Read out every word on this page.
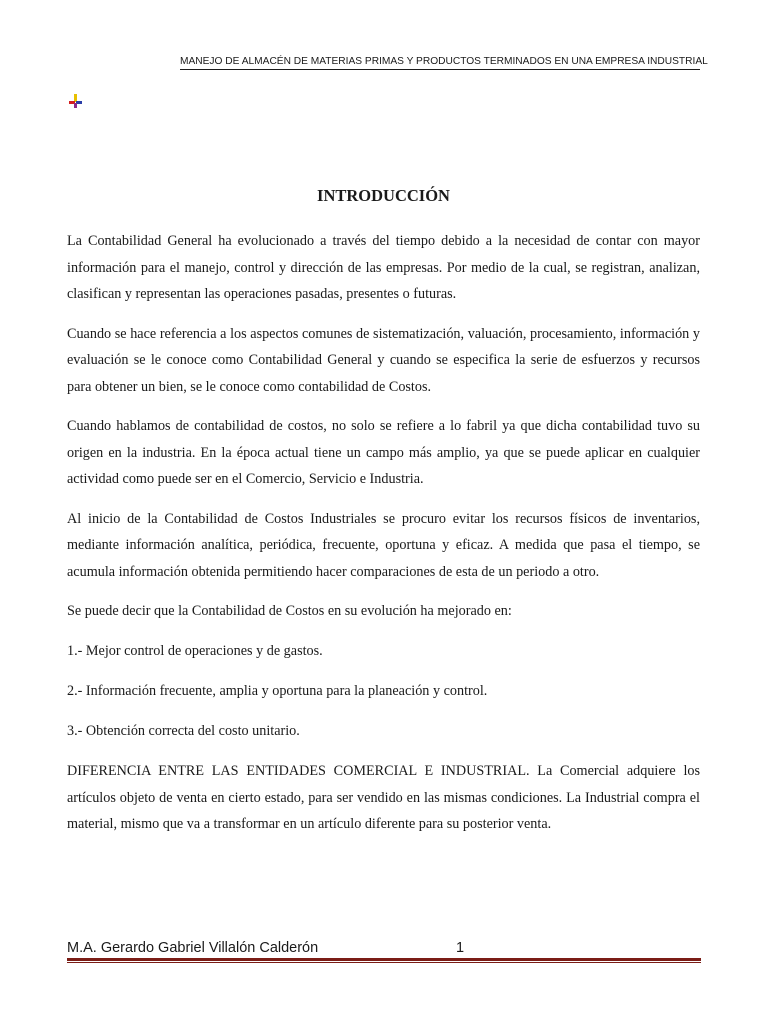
MANEJO DE ALMACÉN DE MATERIAS PRIMAS Y PRODUCTOS TERMINADOS EN UNA EMPRESA INDUSTRIAL
INTRODUCCIÓN

La Contabilidad General ha evolucionado a través del tiempo debido a la necesidad de contar con mayor información para el manejo, control y dirección de las empresas. Por medio de la cual, se registran, analizan, clasifican y representan las operaciones pasadas, presentes o futuras.

Cuando se hace referencia a los aspectos comunes de sistematización, valuación, procesamiento, información y evaluación se le conoce como Contabilidad General y cuando se especifica la serie de esfuerzos y recursos para obtener un bien, se le conoce como contabilidad de Costos.

Cuando hablamos de contabilidad de costos, no solo se refiere a lo fabril ya que dicha contabilidad tuvo su origen en la industria. En la época actual tiene un campo más amplio, ya que se puede aplicar en cualquier actividad como puede ser en el Comercio, Servicio e Industria.

Al inicio de la Contabilidad de Costos Industriales se procuro evitar los recursos físicos de inventarios, mediante información analítica, periódica, frecuente, oportuna y eficaz. A medida que pasa el tiempo, se acumula información obtenida permitiendo hacer comparaciones de esta de un periodo a otro.

Se puede decir que la Contabilidad de Costos en su evolución ha mejorado en:

1.- Mejor control de operaciones y de gastos.

2.- Información frecuente, amplia y oportuna para la planeación y control.

3.- Obtención correcta del costo unitario.

DIFERENCIA ENTRE LAS ENTIDADES COMERCIAL E INDUSTRIAL. La Comercial adquiere los artículos objeto de venta en cierto estado, para ser vendido en las mismas condiciones. La Industrial compra el material, mismo que va a transformar en un artículo diferente para su posterior venta.

M.A. Gerardo Gabriel Villalón Calderón	1
